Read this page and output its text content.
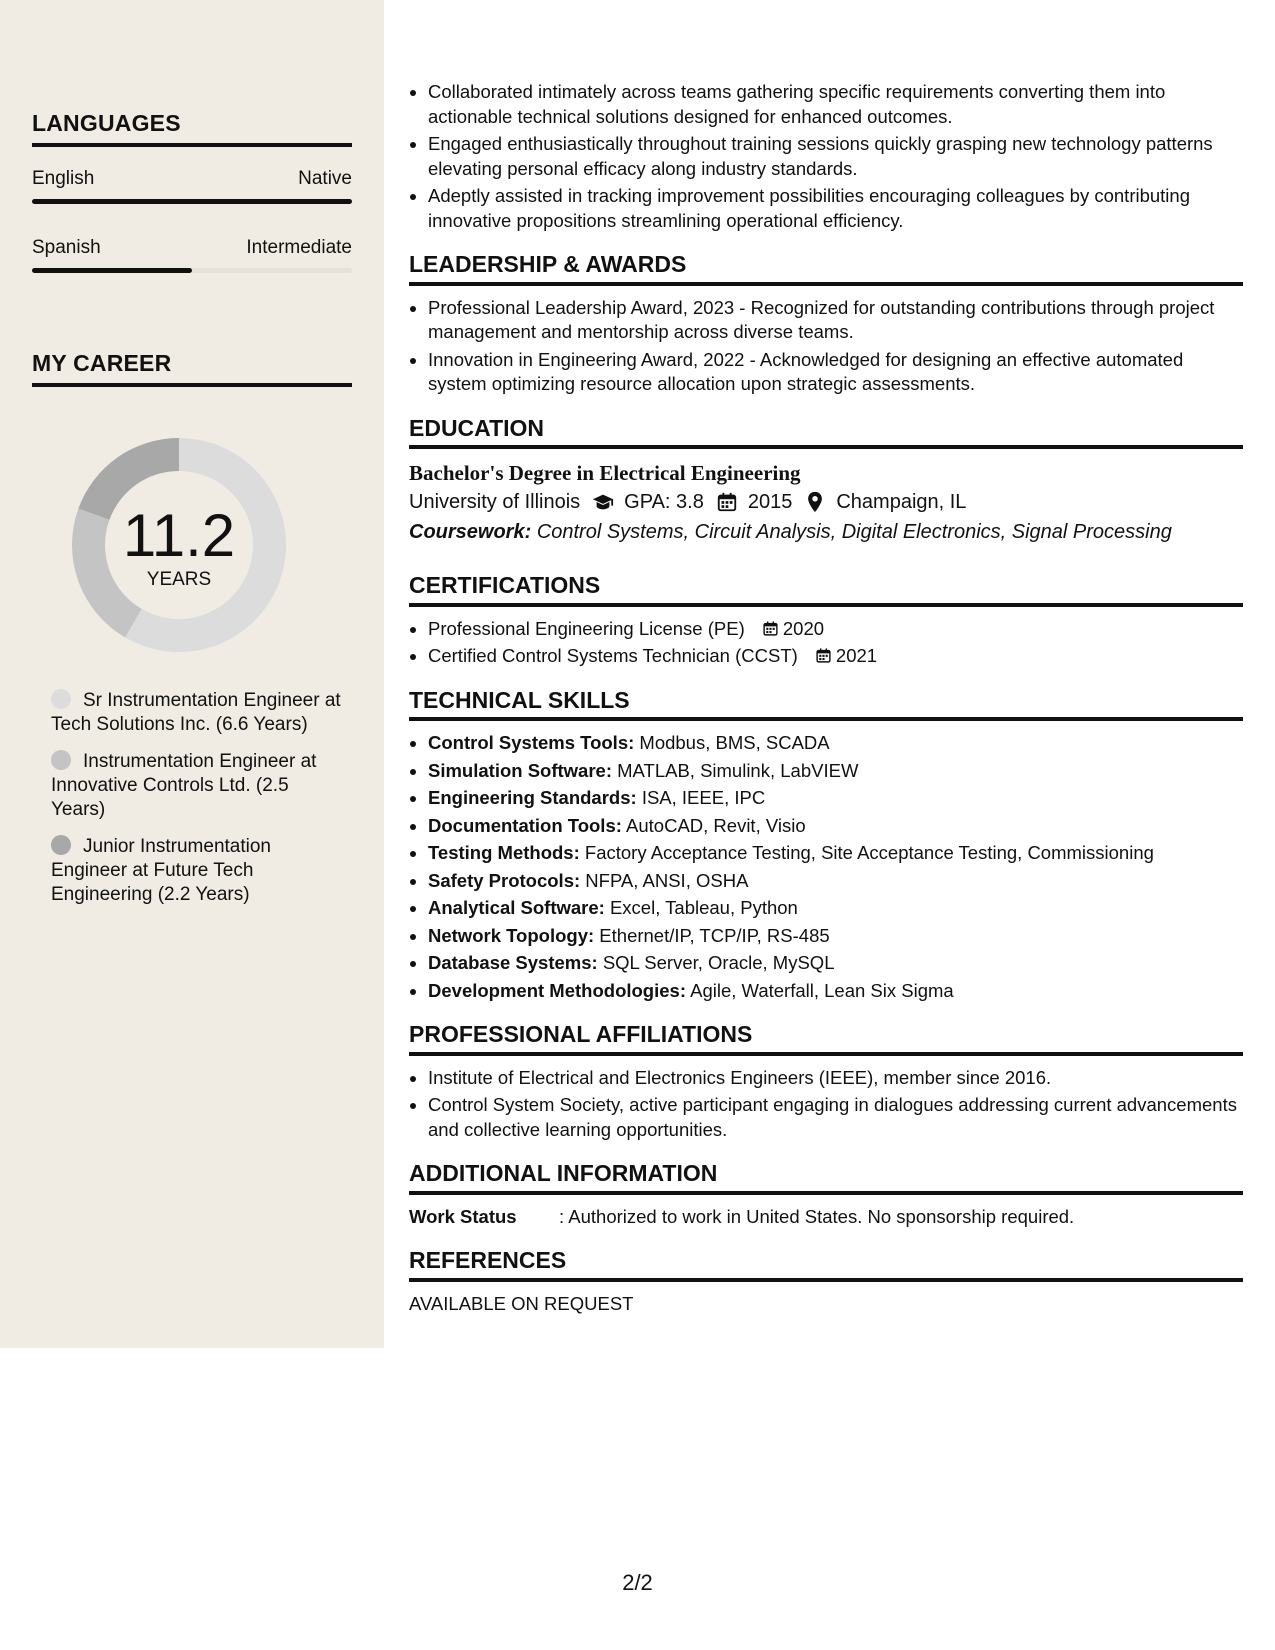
LANGUAGES
English	Native
Spanish	Intermediate
MY CAREER
11.2
YEARS
Sr Instrumentation Engineer at Tech Solutions Inc. (6.6 Years)
Instrumentation Engineer at Innovative Controls Ltd. (2.5 Years)
Junior Instrumentation Engineer at Future Tech Engineering (2.2 Years)
• Collaborated intimately across teams gathering specific requirements converting them into actionable technical solutions designed for enhanced outcomes.
• Engaged enthusiastically throughout training sessions quickly grasping new technology patterns elevating personal efficacy along industry standards.
• Adeptly assisted in tracking improvement possibilities encouraging colleagues by contributing innovative propositions streamlining operational efficiency.
LEADERSHIP & AWARDS
• Professional Leadership Award, 2023 - Recognized for outstanding contributions through project management and mentorship across diverse teams.
• Innovation in Engineering Award, 2022 - Acknowledged for designing an effective automated system optimizing resource allocation upon strategic assessments.
EDUCATION
Bachelor's Degree in Electrical Engineering
University of Illinois GPA: 3.8 2015 Champaign, IL
Coursework: Control Systems, Circuit Analysis, Digital Electronics, Signal Processing
CERTIFICATIONS
• Professional Engineering License (PE) 2020
• Certified Control Systems Technician (CCST) 2021
TECHNICAL SKILLS
• Control Systems Tools: Modbus, BMS, SCADA
• Simulation Software: MATLAB, Simulink, LabVIEW
• Engineering Standards: ISA, IEEE, IPC
• Documentation Tools: AutoCAD, Revit, Visio
• Testing Methods: Factory Acceptance Testing, Site Acceptance Testing, Commissioning
• Safety Protocols: NFPA, ANSI, OSHA
• Analytical Software: Excel, Tableau, Python
• Network Topology: Ethernet/IP, TCP/IP, RS-485
• Database Systems: SQL Server, Oracle, MySQL
• Development Methodologies: Agile, Waterfall, Lean Six Sigma
PROFESSIONAL AFFILIATIONS
• Institute of Electrical and Electronics Engineers (IEEE), member since 2016.
• Control System Society, active participant engaging in dialogues addressing current advancements and collective learning opportunities.
ADDITIONAL INFORMATION
Work Status	: Authorized to work in United States. No sponsorship required.
REFERENCES
AVAILABLE ON REQUEST
2/2
